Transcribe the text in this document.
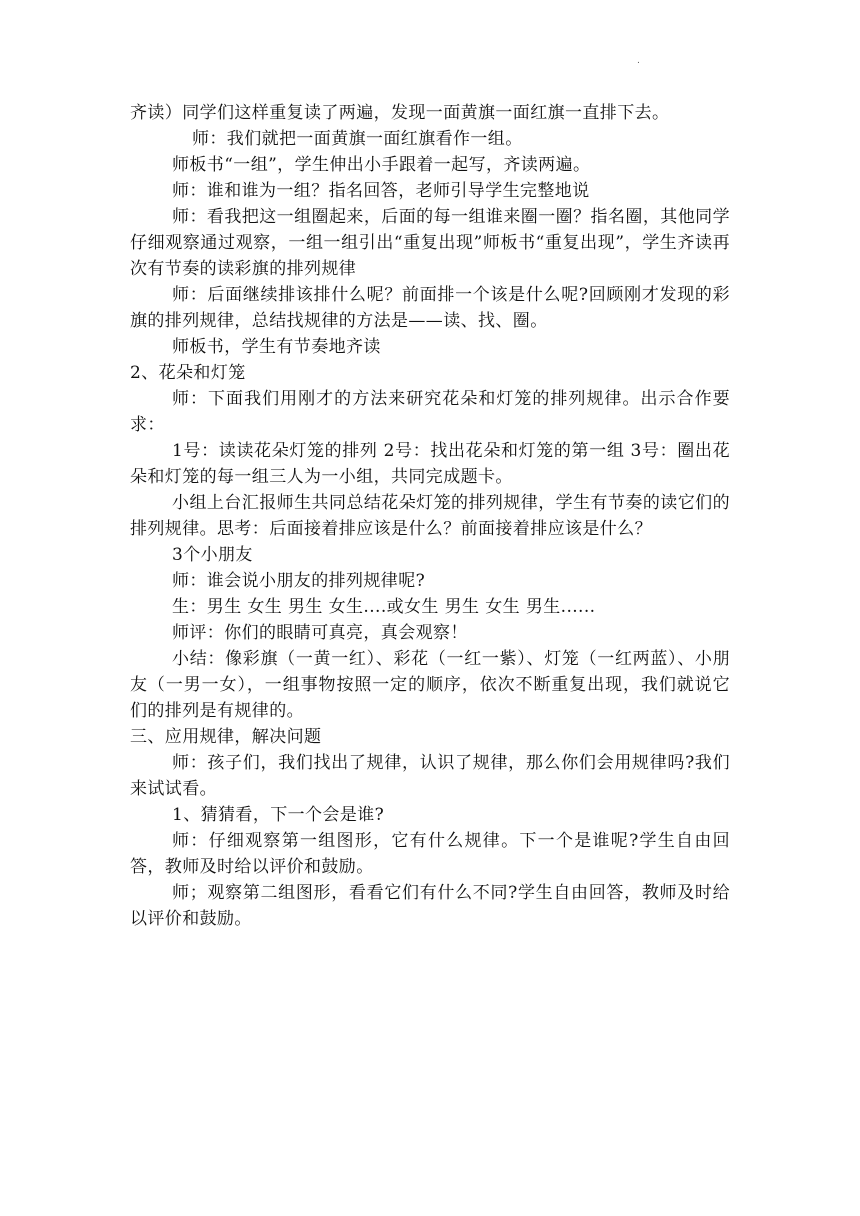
.

齐读）同学们这样重复读了两遍，发现一面黄旗一面红旗一直排下去。

师：我们就把一面黄旗一面红旗看作一组。

师板书“一组”，学生伸出小手跟着一起写，齐读两遍。

师：谁和谁为一组？指名回答，老师引导学生完整地说

师：看我把这一组圈起来，后面的每一组谁来圈一圈？指名圈，其他同学仔细观察通过观察，一组一组引出“重复出现”师板书“重复出现”，学生齐读再次有节奏的读彩旗的排列规律

师：后面继续排该排什么呢？前面排一个该是什么呢?回顾刚才发现的彩旗的排列规律，总结找规律的方法是——读、找、圈。

师板书，学生有节奏地齐读

2、花朵和灯笼

师：下面我们用刚才的方法来研究花朵和灯笼的排列规律。出示合作要求：

1号：读读花朵灯笼的排列 2号：找出花朵和灯笼的第一组 3号：圈出花朵和灯笼的每一组三人为一小组，共同完成题卡。

小组上台汇报师生共同总结花朵灯笼的排列规律，学生有节奏的读它们的排列规律。思考：后面接着排应该是什么？前面接着排应该是什么？

3个小朋友

师：谁会说小朋友的排列规律呢?

生：男生 女生 男生 女生....或女生 男生 女生 男生......

师评：你们的眼睛可真亮，真会观察！

小结：像彩旗（一黄一红）、彩花（一红一紫）、灯笼（一红两蓝）、小朋友（一男一女），一组事物按照一定的顺序，依次不断重复出现，我们就说它们的排列是有规律的。

三、应用规律，解决问题

师：孩子们，我们找出了规律，认识了规律，那么你们会用规律吗?我们来试试看。

1、猜猜看，下一个会是谁?

师：仔细观察第一组图形，它有什么规律。下一个是谁呢?学生自由回答，教师及时给以评价和鼓励。

师；观察第二组图形，看看它们有什么不同?学生自由回答，教师及时给以评价和鼓励。
